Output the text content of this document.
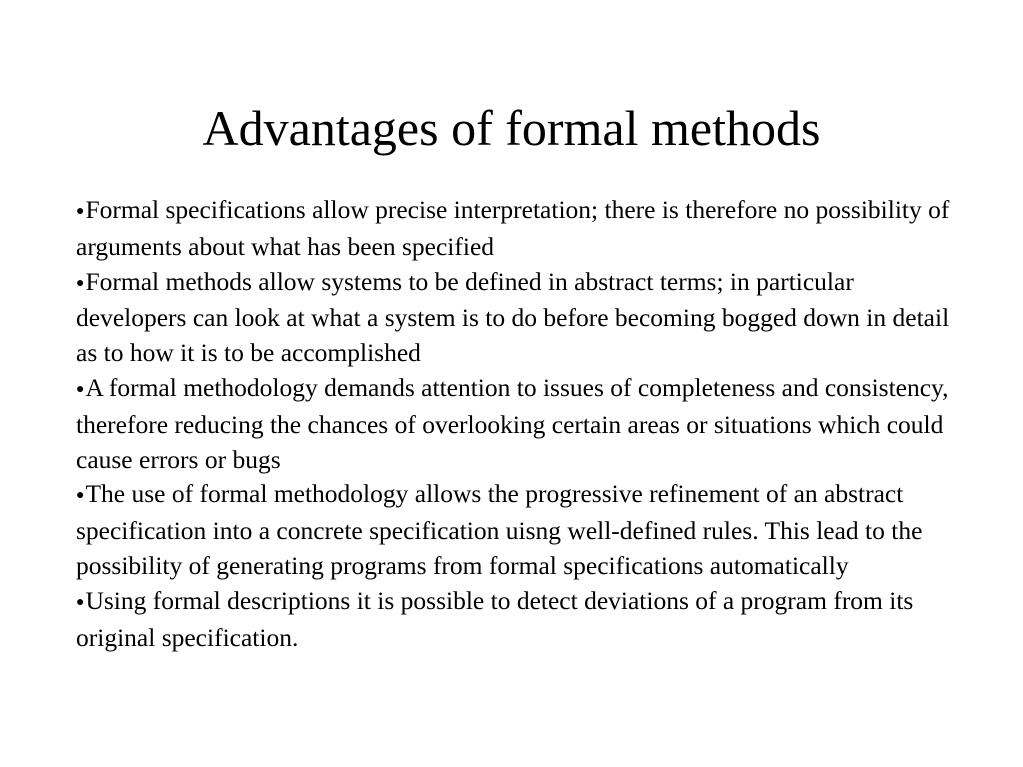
Advantages of formal methods
●Formal specifications allow precise interpretation; there is therefore no possibility of arguments about what has been specified
●Formal methods allow systems to be defined in abstract terms; in particular developers can look at what a system is to do before becoming bogged down in detail as to how it is to be accomplished
●A formal methodology demands attention to issues of completeness and consistency, therefore reducing the chances of overlooking certain areas or situations which could cause errors or bugs
●The use of formal methodology allows the progressive refinement of an abstract specification into a concrete specification uisng well-defined rules. This lead to the possibility of generating programs from formal specifications automatically
●Using formal descriptions it is possible to detect deviations of a program from its original specification.
